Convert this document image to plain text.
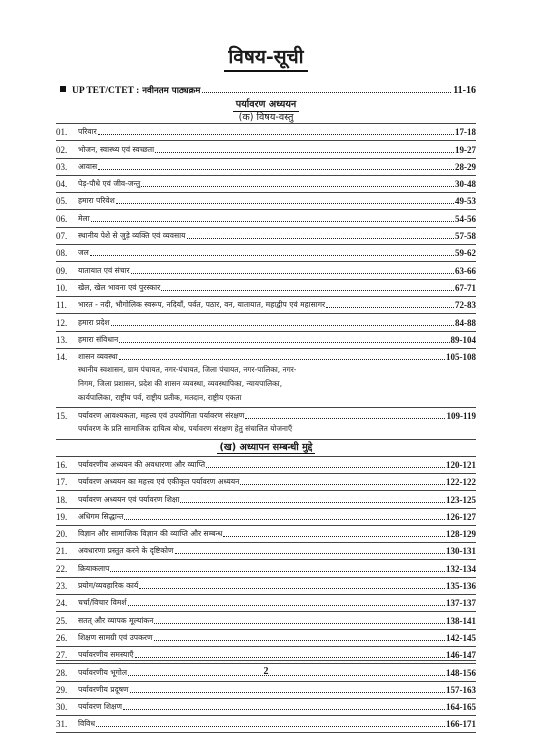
विषय-सूची
UP TET/CTET : नवीनतम पाठ्यक्रम	11-16
पर्यावरण अध्ययन
(क) विषय-वस्तु
01.	परिवार	17-18
02.	भोजन, स्वास्थ्य एवं स्वच्छता	19-27
03.	आवास	28-29
04.	पेड़-पौधे एवं जीव-जन्तु	30-48
05.	हमारा परिवेश	49-53
06.	मेला	54-56
07.	स्थानीय पेशे से जुड़े व्यक्ति एवं व्यवसाय	57-58
08.	जल	59-62
09.	यातायात एवं संचार	63-66
10.	खेल, खेल भावना एवं पुरस्कार	67-71
11.	भारत - नदी, भौगोलिक स्वरूप, नदियाँ, पर्वत, पठार, वन, यातायात, महाद्वीप एवं महासागर	72-83
12.	हमारा प्रदेश	84-88
13.	हमारा संविधान	89-104
14.	शासन व्यवस्था	105-108
स्थानीय स्वशासन, ग्राम पंचायत, नगर-पंचायत, जिला पंचायत, नगर-पालिका, नगर-
निगम, जिला प्रशासन, प्रदेश की शासन व्यवस्था, व्यवस्थापिका, न्यायपालिका,
कार्यपालिका, राष्ट्रीय पर्व, राष्ट्रीय प्रतीक, मतदान, राष्ट्रीय एकता
15.	पर्यावरण आवश्यकता, महत्त्व एवं उपयोगिता पर्यावरण संरक्षण	109-119
पर्यावरण के प्रति सामाजिक दायित्व बोध, पर्यावरण संरक्षण हेतु संचालित योजनाएँ
(ख) अध्यापन सम्बन्धी मुद्दे
16.	पर्यावरणीय अध्ययन की अवधारणा और व्याप्ति	120-121
17.	पर्यावरण अध्ययन का महत्त्व एवं एकीकृत पर्यावरण अध्ययन	122-122
18.	पर्यावरण अध्ययन एवं पर्यावरण शिक्षा	123-125
19.	अधिगम सिद्धान्त	126-127
20.	विज्ञान और सामाजिक विज्ञान की व्याप्ति और सम्बन्ध	128-129
21.	अवधारणा प्रस्तुत करने के दृष्टिकोण	130-131
22.	क्रियाकलाप	132-134
23.	प्रयोग/व्यवहारिक कार्य	135-136
24.	चर्चा/विचार विमर्श	137-137
25.	सतत् और व्यापक मूल्यांकन	138-141
26.	शिक्षण सामग्री एवं उपकरण	142-145
27.	पर्यावरणीय समस्याएँ	146-147
28.	पर्यावरणीय भूगोल	148-156
29.	पर्यावरणीय प्रदूषण	157-163
30.	पर्यावरण शिक्षण	164-165
31.	विविध	166-171
2
